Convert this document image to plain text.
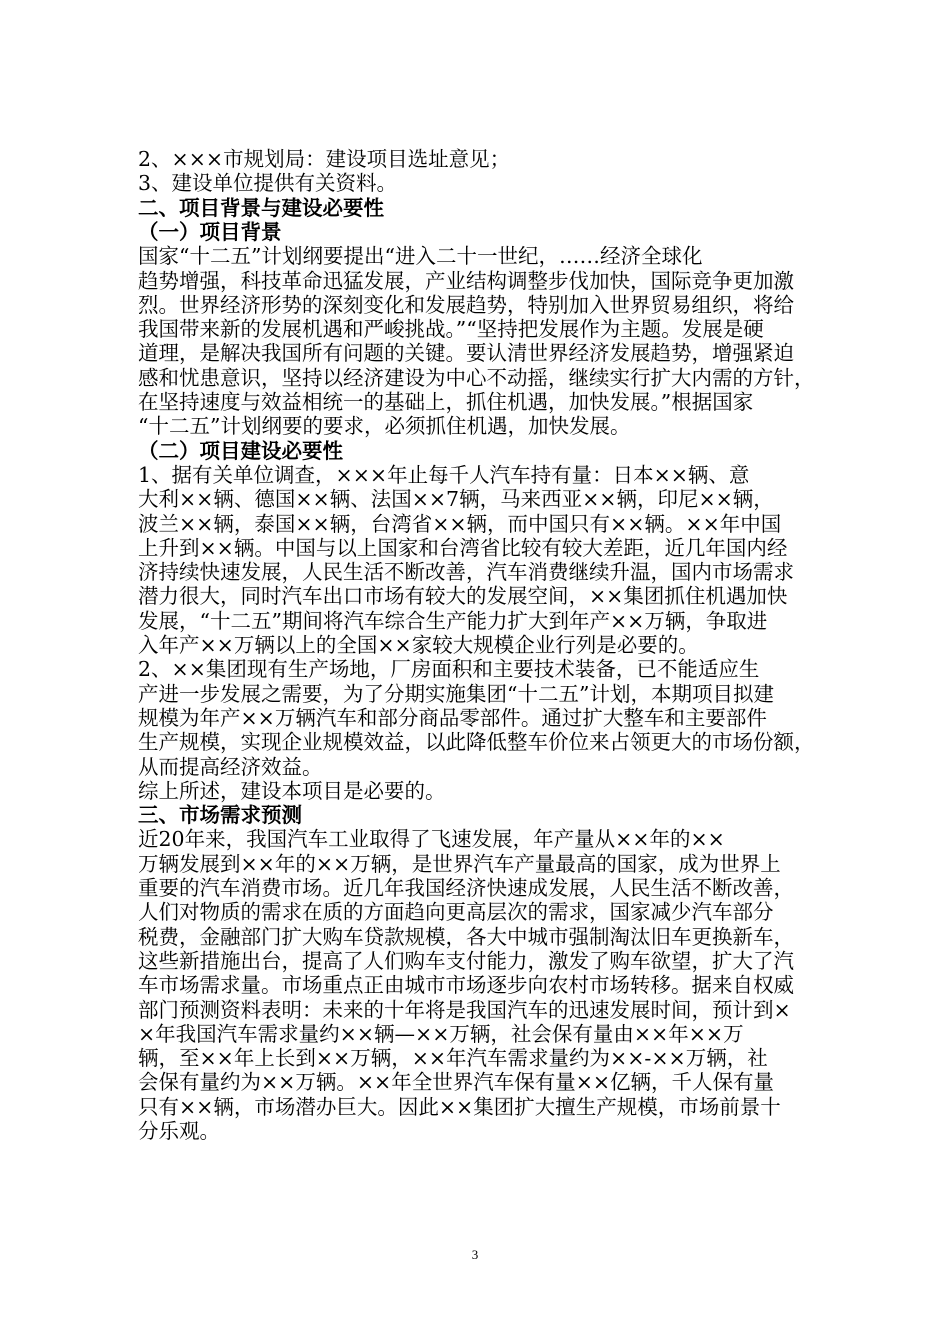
2、×××市规划局：建设项目选址意见；
3、建设单位提供有关资料。
二、项目背景与建设必要性
（一）项目背景
国家“十二五”计划纲要提出“进入二十一世纪，……经济全球化
趋势增强，科技革命迅猛发展，产业结构调整步伐加快，国际竞争更加激
烈。世界经济形势的深刻变化和发展趋势，特别加入世界贸易组织，将给
我国带来新的发展机遇和严峻挑战。”“坚持把发展作为主题。发展是硬
道理，是解决我国所有问题的关键。要认清世界经济发展趋势，增强紧迫
感和忧患意识，坚持以经济建设为中心不动摇，继续实行扩大内需的方针，
在坚持速度与效益相统一的基础上，抓住机遇，加快发展。”根据国家
“十二五”计划纲要的要求，必须抓住机遇，加快发展。
（二）项目建设必要性
1、据有关单位调查，×××年止每千人汽车持有量：日本××辆、意
大利××辆、德国××辆、法国××7辆，马来西亚××辆，印尼××辆，
波兰××辆，泰国××辆，台湾省××辆，而中国只有××辆。××年中国
上升到××辆。中国与以上国家和台湾省比较有较大差距，近几年国内经
济持续快速发展，人民生活不断改善，汽车消费继续升温，国内市场需求
潜力很大，同时汽车出口市场有较大的发展空间，××集团抓住机遇加快
发展，“十二五”期间将汽车综合生产能力扩大到年产××万辆，争取进
入年产××万辆以上的全国××家较大规模企业行列是必要的。
2、××集团现有生产场地，厂房面积和主要技术装备，已不能适应生
产进一步发展之需要，为了分期实施集团“十二五”计划，本期项目拟建
规模为年产××万辆汽车和部分商品零部件。通过扩大整车和主要部件
生产规模，实现企业规模效益，以此降低整车价位来占领更大的市场份额，
从而提高经济效益。
综上所述，建设本项目是必要的。
三、市场需求预测
近20年来，我国汽车工业取得了飞速发展，年产量从××年的××
万辆发展到××年的××万辆，是世界汽车产量最高的国家，成为世界上
重要的汽车消费市场。近几年我国经济快速成发展，人民生活不断改善，
人们对物质的需求在质的方面趋向更高层次的需求，国家减少汽车部分
税费，金融部门扩大购车贷款规模，各大中城市强制淘汰旧车更换新车，
这些新措施出台，提高了人们购车支付能力，激发了购车欲望，扩大了汽
车市场需求量。市场重点正由城市市场逐步向农村市场转移。据来自权威
部门预测资料表明：未来的十年将是我国汽车的迅速发展时间，预计到×
×年我国汽车需求量约××辆—××万辆，社会保有量由××年××万
辆，至××年上长到××万辆，××年汽车需求量约为××-××万辆，社
会保有量约为××万辆。××年全世界汽车保有量××亿辆，千人保有量
只有××辆，市场潜办巨大。因此××集团扩大擅生产规模，市场前景十
分乐观。
3
